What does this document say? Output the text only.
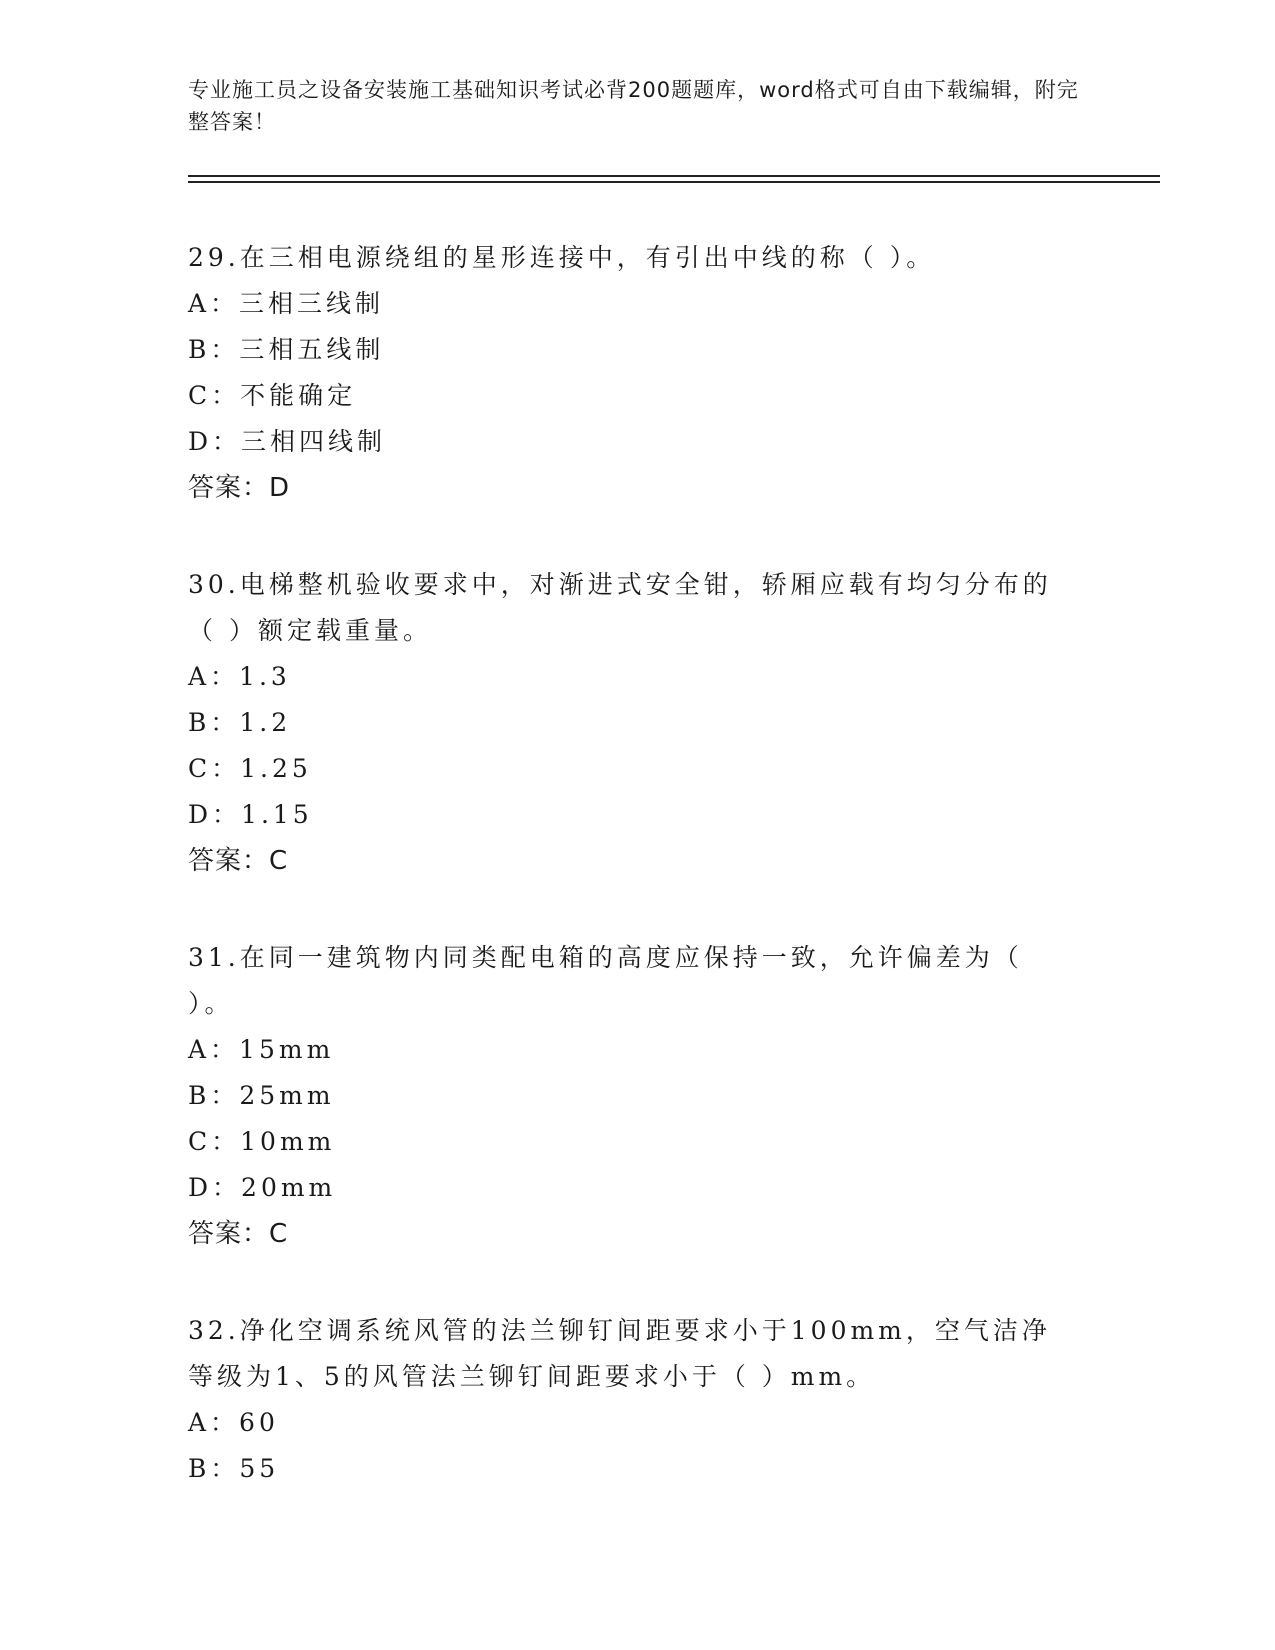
专业施工员之设备安装施工基础知识考试必背200题题库，word格式可自由下载编辑，附完整答案！

29.在三相电源绕组的星形连接中，有引出中线的称（ ）。

A：三相三线制

B：三相五线制

C：不能确定

D：三相四线制

答案：D

30.电梯整机验收要求中，对渐进式安全钳，轿厢应载有均匀分布的（ ）额定载重量。

A：1.3

B：1.2

C：1.25

D：1.15

答案：C

31.在同一建筑物内同类配电箱的高度应保持一致，允许偏差为（ ）。

A：15mm

B：25mm

C：10mm

D：20mm

答案：C

32.净化空调系统风管的法兰铆钉间距要求小于100mm，空气洁净等级为1、5的风管法兰铆钉间距要求小于（ ）mm。

A：60

B：55
